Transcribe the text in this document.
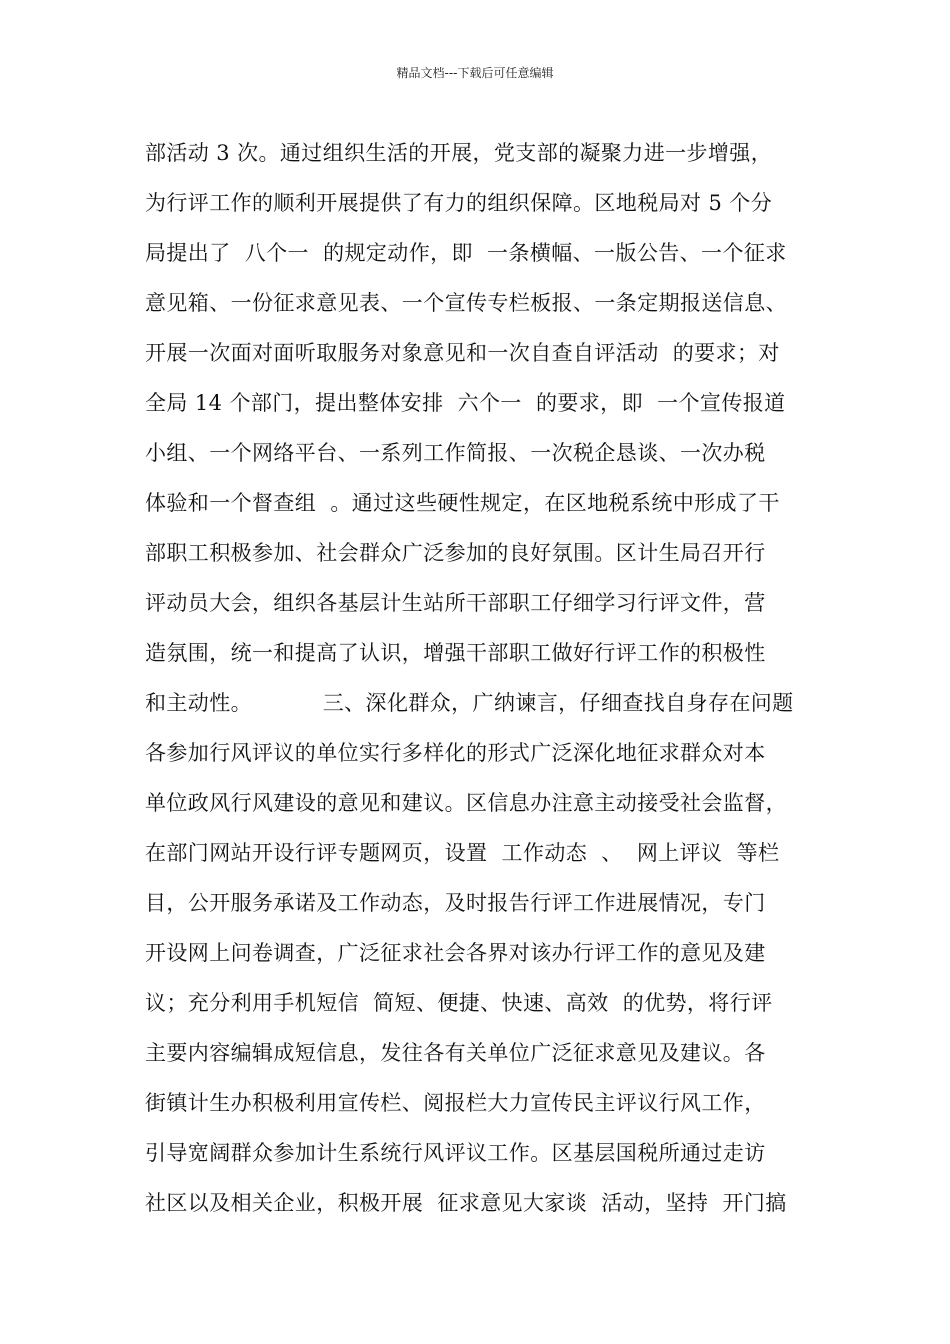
精品文档---下载后可任意编辑
部活动 3 次。通过组织生活的开展，党支部的凝聚力进一步增强，
为行评工作的顺利开展提供了有力的组织保障。区地税局对 5 个分
局提出了  八个一  的规定动作，即  一条横幅、一版公告、一个征求
意见箱、一份征求意见表、一个宣传专栏板报、一条定期报送信息、
开展一次面对面听取服务对象意见和一次自查自评活动  的要求；对
全局 14 个部门，提出整体安排  六个一  的要求，即  一个宣传报道
小组、一个网络平台、一系列工作简报、一次税企恳谈、一次办税
体验和一个督查组  。通过这些硬性规定，在区地税系统中形成了干
部职工积极参加、社会群众广泛参加的良好氛围。区计生局召开行
评动员大会，组织各基层计生站所干部职工仔细学习行评文件，营
造氛围，统一和提高了认识，增强干部职工做好行评工作的积极性
和主动性。          三、深化群众，广纳谏言，仔细查找自身存在问题
各参加行风评议的单位实行多样化的形式广泛深化地征求群众对本
单位政风行风建设的意见和建议。区信息办注意主动接受社会监督，
在部门网站开设行评专题网页，设置  工作动态  、  网上评议  等栏
目，公开服务承诺及工作动态，及时报告行评工作进展情况，专门
开设网上问卷调查，广泛征求社会各界对该办行评工作的意见及建
议；充分利用手机短信  简短、便捷、快速、高效  的优势，将行评
主要内容编辑成短信息，发往各有关单位广泛征求意见及建议。各
街镇计生办积极利用宣传栏、阅报栏大力宣传民主评议行风工作，
引导宽阔群众参加计生系统行风评议工作。区基层国税所通过走访
社区以及相关企业，积极开展  征求意见大家谈  活动，坚持  开门搞
